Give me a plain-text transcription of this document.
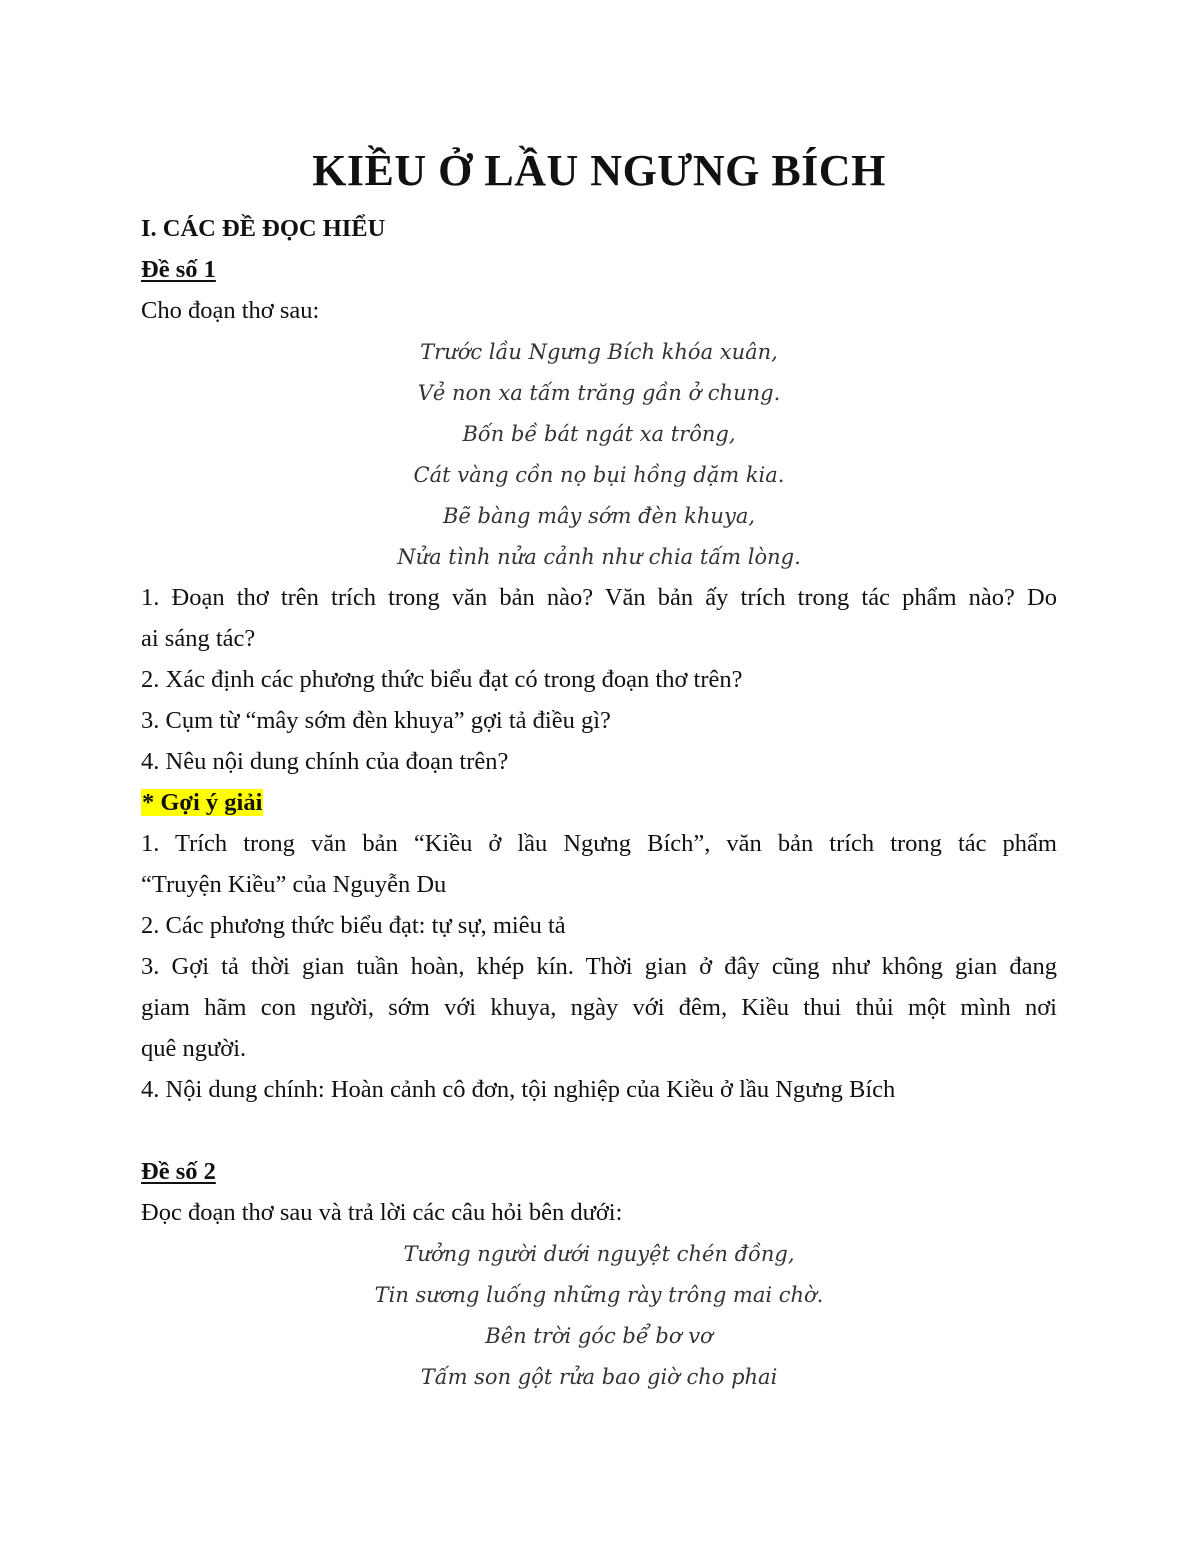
KIỀU Ở LẦU NGƯNG BÍCH
I. CÁC ĐỀ ĐỌC HIỂU
Đề số 1
Cho đoạn thơ sau:
Trước lầu Ngưng Bích khóa xuân,
Vẻ non xa tấm trăng gần ở chung.
Bốn bề bát ngát xa trông,
Cát vàng cồn nọ bụi hồng dặm kia.
Bẽ bàng mây sớm đèn khuya,
Nửa tình nửa cảnh như chia tấm lòng.
1. Đoạn thơ trên trích trong văn bản nào? Văn bản ấy trích trong tác phẩm nào? Do
ai sáng tác?
2. Xác định các phương thức biểu đạt có trong đoạn thơ trên?
3. Cụm từ “mây sớm đèn khuya” gợi tả điều gì?
4. Nêu nội dung chính của đoạn trên?
* Gợi ý giải
1. Trích trong văn bản “Kiều ở lầu Ngưng Bích”, văn bản trích trong tác phẩm
“Truyện Kiều” của Nguyễn Du
2. Các phương thức biểu đạt: tự sự, miêu tả
3. Gợi tả thời gian tuần hoàn, khép kín. Thời gian ở đây cũng như không gian đang
giam hãm con người, sớm với khuya, ngày với đêm, Kiều thui thủi một mình nơi
quê người.
4. Nội dung chính: Hoàn cảnh cô đơn, tội nghiệp của Kiều ở lầu Ngưng Bích
Đề số 2
Đọc đoạn thơ sau và trả lời các câu hỏi bên dưới:
Tưởng người dưới nguyệt chén đồng,
Tin sương luống những rày trông mai chờ.
Bên trời góc bể bơ vơ
Tấm son gột rửa bao giờ cho phai
